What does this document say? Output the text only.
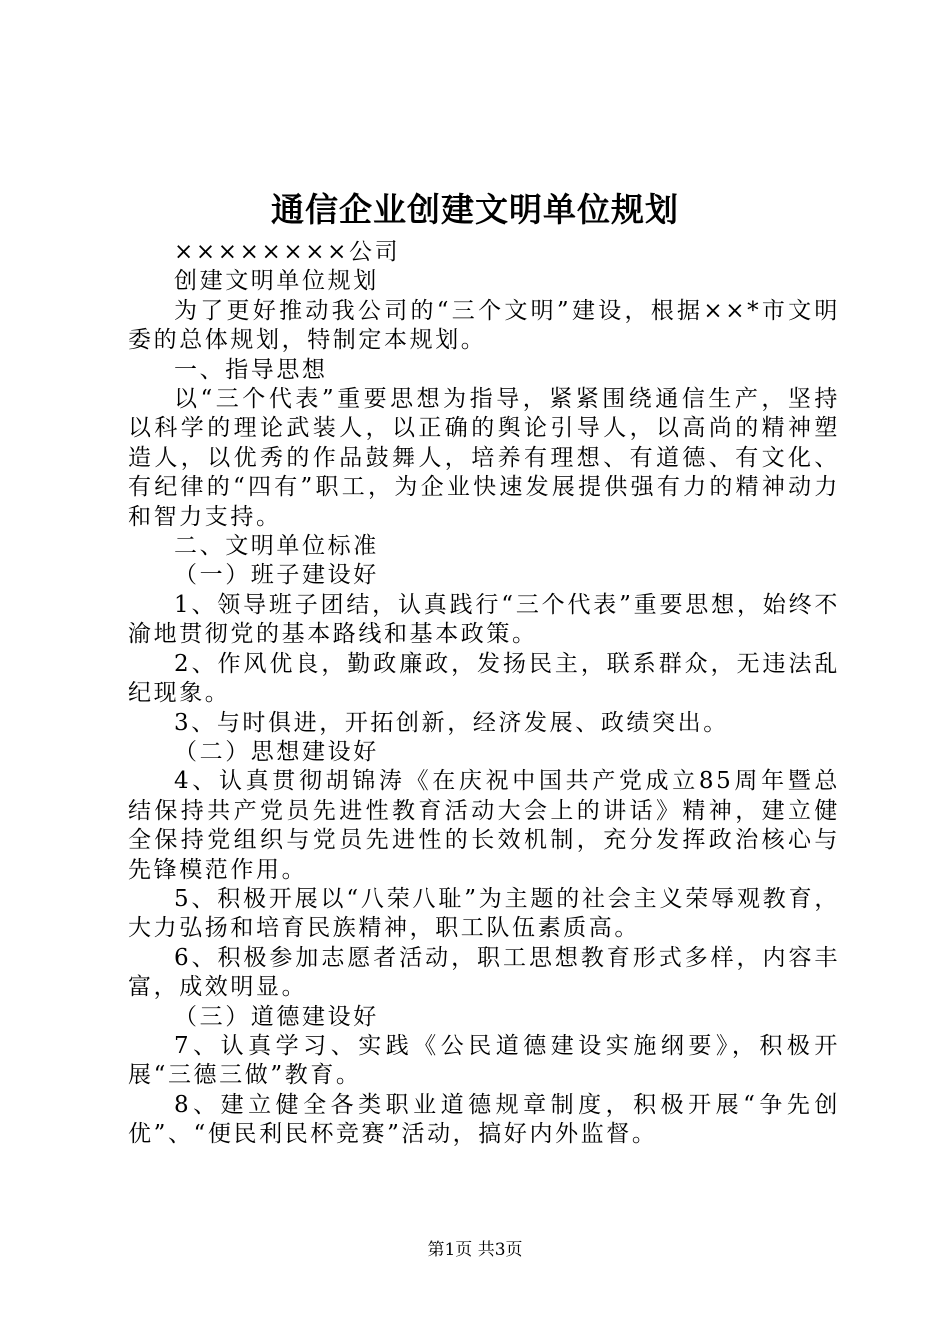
通信企业创建文明单位规划

××××××××公司

创建文明单位规划

为了更好推动我公司的“三个文明”建设，根据××*市文明委的总体规划，特制定本规划。

一、指导思想

以“三个代表”重要思想为指导，紧紧围绕通信生产，坚持以科学的理论武装人，以正确的舆论引导人，以高尚的精神塑造人，以优秀的作品鼓舞人，培养有理想、有道德、有文化、有纪律的“四有”职工，为企业快速发展提供强有力的精神动力和智力支持。

二、文明单位标准

（一）班子建设好

1、领导班子团结，认真践行“三个代表”重要思想，始终不渝地贯彻党的基本路线和基本政策。

2、作风优良，勤政廉政，发扬民主，联系群众，无违法乱纪现象。

3、与时俱进，开拓创新，经济发展、政绩突出。

（二）思想建设好

4、认真贯彻胡锦涛《在庆祝中国共产党成立85周年暨总结保持共产党员先进性教育活动大会上的讲话》精神，建立健全保持党组织与党员先进性的长效机制，充分发挥政治核心与先锋模范作用。

5、积极开展以“八荣八耻”为主题的社会主义荣辱观教育，大力弘扬和培育民族精神，职工队伍素质高。

6、积极参加志愿者活动，职工思想教育形式多样，内容丰富，成效明显。

（三）道德建设好

7、认真学习、实践《公民道德建设实施纲要》，积极开展“三德三做”教育。

8、建立健全各类职业道德规章制度，积极开展“争先创优”、“便民利民杯竞赛”活动，搞好内外监督。

第1页 共3页
